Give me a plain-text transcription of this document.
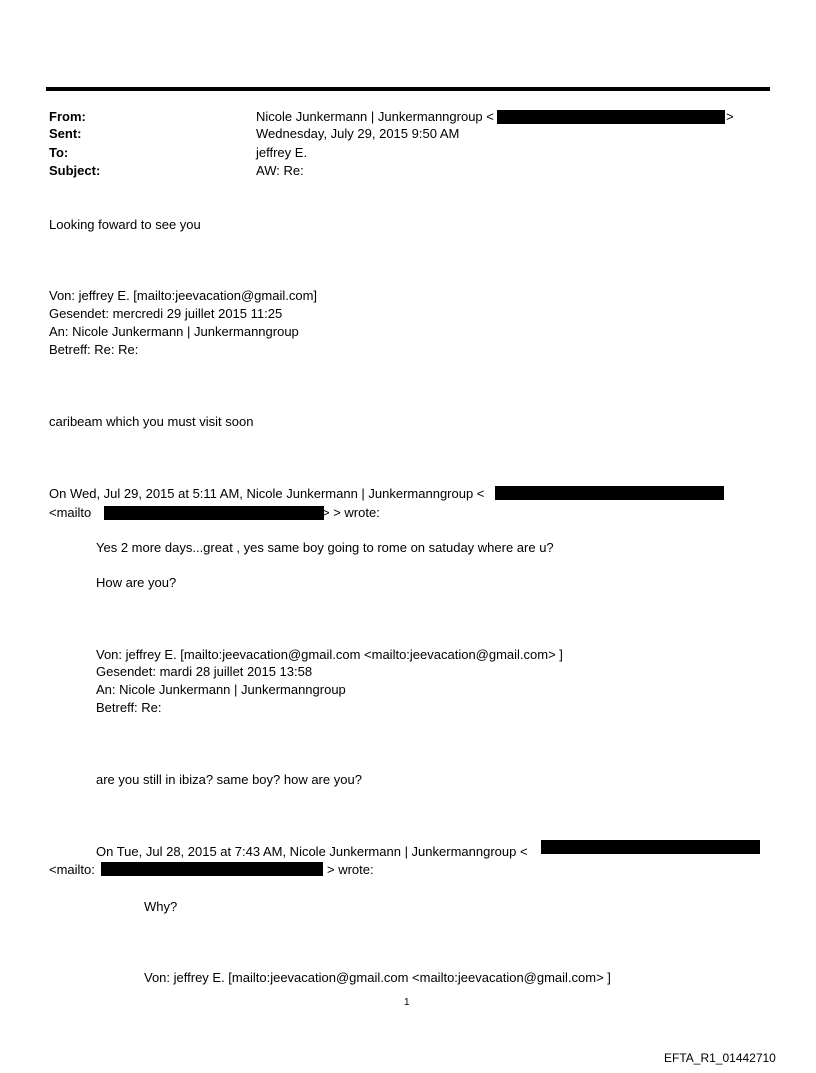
From:	Nicole Junkermann | Junkermanngroup <	>
Sent:	Wednesday, July 29, 2015 9:50 AM
To:	jeffrey E.
Subject:	AW: Re:
Looking foward to see you
Von: jeffrey E. [mailto:jeevacation@gmail.com]
Gesendet: mercredi 29 juillet 2015 11:25
An: Nicole Junkermann | Junkermanngroup
Betreff: Re: Re:
caribeam which you must visit soon
On Wed, Jul 29, 2015 at 5:11 AM, Nicole Junkermann | Junkermanngroup <
<mailto	> > wrote:
Yes 2 more days...great , yes same boy going to rome on satuday where are u?
How are you?
Von: jeffrey E. [mailto:jeevacation@gmail.com <mailto:jeevacation@gmail.com> ]
Gesendet: mardi 28 juillet 2015 13:58
An: Nicole Junkermann | Junkermanngroup
Betreff: Re:
are you still in ibiza? same boy? how are you?
On Tue, Jul 28, 2015 at 7:43 AM, Nicole Junkermann | Junkermanngroup <
<mailto:	> wrote:
Why?
Von: jeffrey E. [mailto:jeevacation@gmail.com <mailto:jeevacation@gmail.com> ]
1
EFTA_R1_01442710
